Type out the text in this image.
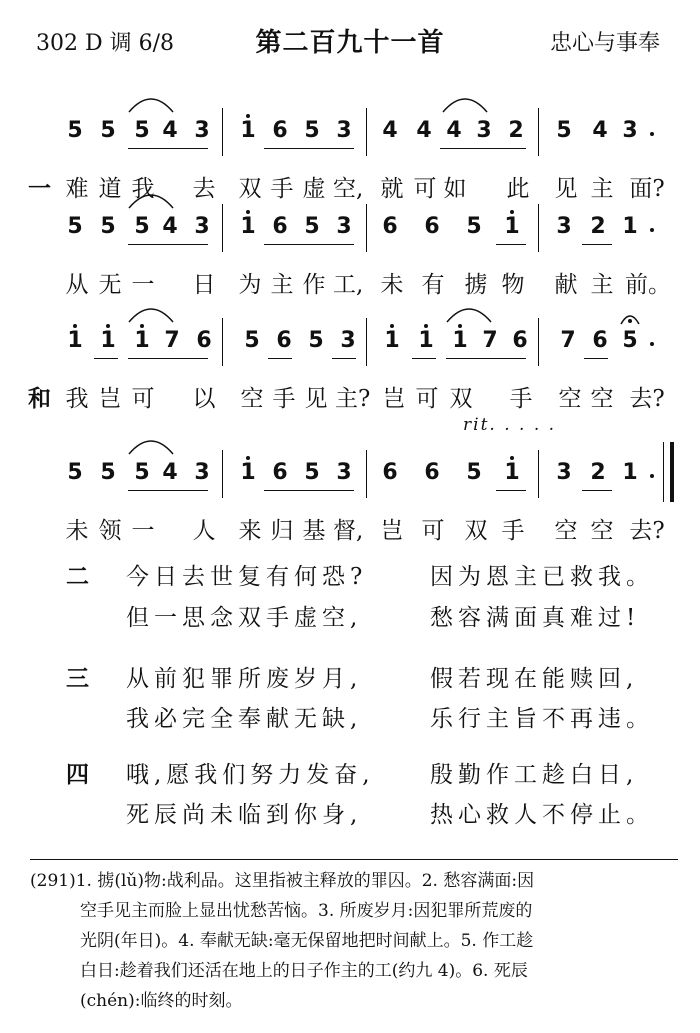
302 D 调 6/8	第二百九十一首	忠心与事奉
5 5 5 4 3 1 6 5 3 4 4 4 3 2 5 4 3
一 难 道 我 去 双 手 虚 空, 就 可 如 此 见 主 面?
5 5 5 4 3 1 6 5 3 6 6 5 1 3 2 1
从 无 一 日 为 主 作 工, 未 有 掳 物 献 主 前。
1 1 1 7 6 5 6 5 3 1 1 1 7 6 7 6 5
和 我 岂 可 以 空 手 见 主? 岂 可 双 手 空 空 去?
rit. . . . .
5 5 5 4 3 1 6 5 3 6 6 5 1 3 2 1
未 领 一 人 来 归 基 督, 岂 可 双 手 空 空 去?
二 今日去世复有何恐?	因为恩主已救我。
但一思念双手虚空,	愁容满面真难过!
三 从前犯罪所废岁月,	假若现在能赎回,
我必完全奉献无缺,	乐行主旨不再违。
四 哦,愿我们努力发奋, 殷勤作工趁白日,
死辰尚未临到你身,	热心救人不停止。
(291)1. 掳(lǔ)物:战利品。这里指被主释放的罪囚。2. 愁容满面:因
空手见主而脸上显出忧愁苦恼。3. 所废岁月:因犯罪所荒废的
光阴(年日)。4. 奉献无缺:毫无保留地把时间献上。5. 作工趁
白日:趁着我们还活在地上的日子作主的工(约九 4)。6. 死辰
(chén):临终的时刻。
